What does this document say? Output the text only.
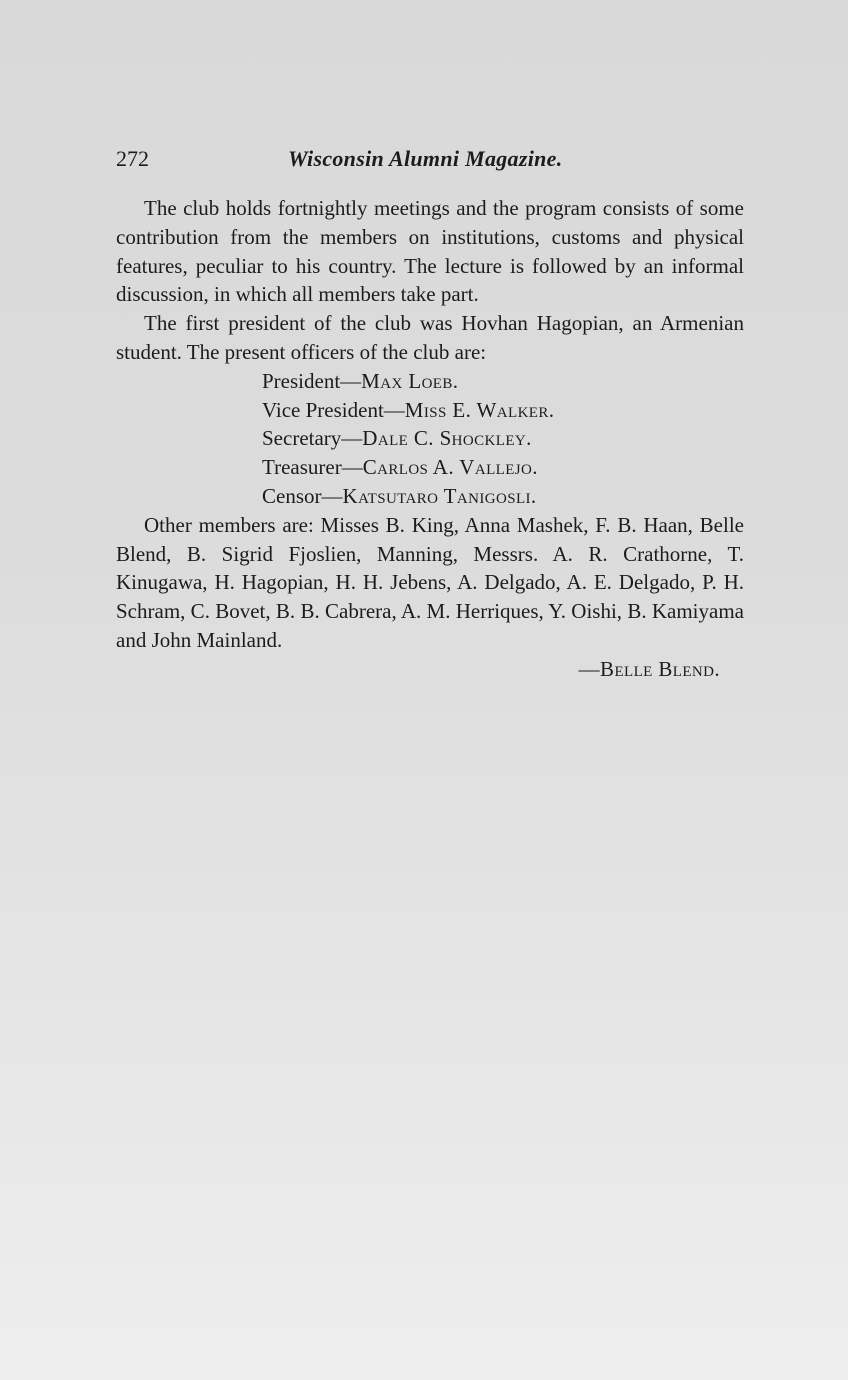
272	Wisconsin Alumni Magazine.

The club holds fortnightly meetings and the program consists of some contribution from the members on institutions, customs and physical features, peculiar to his country. The lecture is followed by an informal discussion, in which all members take part.

The first president of the club was Hovhan Hagopian, an Armenian student. The present officers of the club are:

President—Max Loeb.
Vice President—Miss E. Walker.
Secretary—Dale C. Shockley.
Treasurer—Carlos A. Vallejo.
Censor—Katsutaro Tanigosli.

Other members are: Misses B. King, Anna Mashek, F. B. Haan, Belle Blend, B. Sigrid Fjoslien, Manning, Messrs. A. R. Crathorne, T. Kinugawa, H. Hagopian, H. H. Jebens, A. Delgado, A. E. Delgado, P. H. Schram, C. Bovet, B. B. Cabrera, A. M. Herriques, Y. Oishi, B. Kamiyama and John Mainland.

—Belle Blend.
